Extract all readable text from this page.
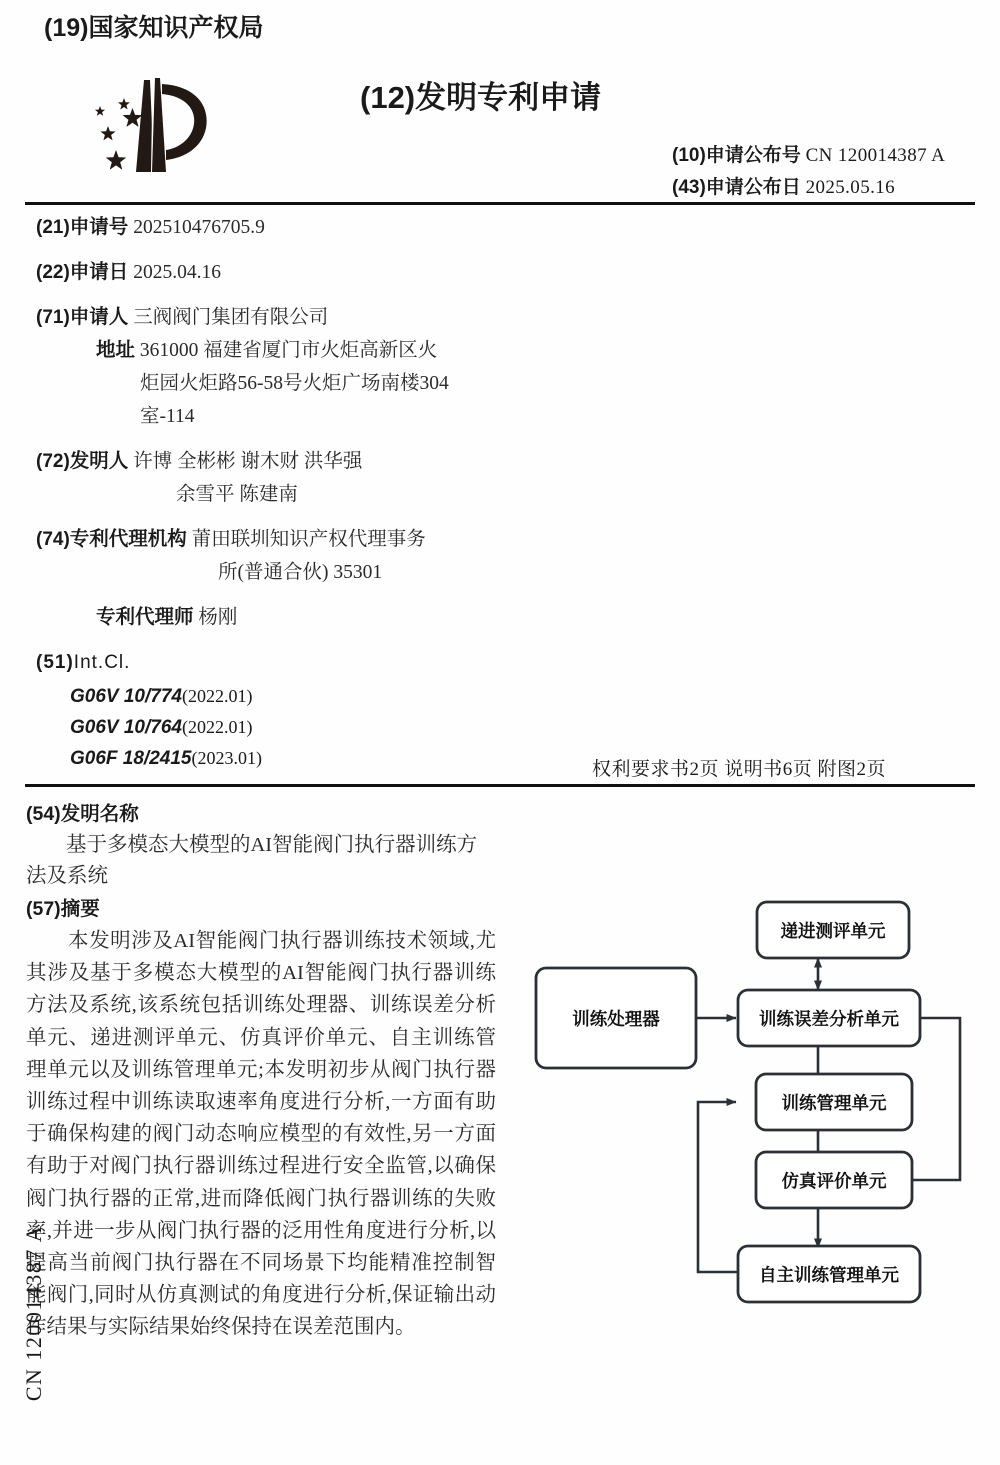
(19)国家知识产权局
(12)发明专利申请
(10)申请公布号 CN 120014387 A
(43)申请公布日 2025.05.16
(21)申请号 202510476705.9
(22)申请日 2025.04.16
(71)申请人 三阀阀门集团有限公司
地址 361000 福建省厦门市火炬高新区火
炬园火炬路56-58号火炬广场南楼304
室-114
(72)发明人 许博 全彬彬 谢木财 洪华强
余雪平 陈建南
(74)专利代理机构 莆田联圳知识产权代理事务
所(普通合伙) 35301
专利代理师 杨刚
(51)Int.Cl.
G06V 10/774(2022.01)
G06V 10/764(2022.01)
G06F 18/2415(2023.01)
权利要求书2页 说明书6页 附图2页
(54)发明名称
基于多模态大模型的AI智能阀门执行器训练方法及系统
(57)摘要
本发明涉及AI智能阀门执行器训练技术领域,尤其涉及基于多模态大模型的AI智能阀门执行器训练方法及系统,该系统包括训练处理器、训练误差分析单元、递进测评单元、仿真评价单元、自主训练管理单元以及训练管理单元;本发明初步从阀门执行器训练过程中训练读取速率角度进行分析,一方面有助于确保构建的阀门动态响应模型的有效性,另一方面有助于对阀门执行器训练过程进行安全监管,以确保阀门执行器的正常,进而降低阀门执行器训练的失败率,并进一步从阀门执行器的泛用性角度进行分析,以提高当前阀门执行器在不同场景下均能精准控制智能阀门,同时从仿真测试的角度进行分析,保证输出动作结果与实际结果始终保持在误差范围内。
CN 120014387 A
训练处理器
递进测评单元
训练误差分析单元
训练管理单元
仿真评价单元
自主训练管理单元
